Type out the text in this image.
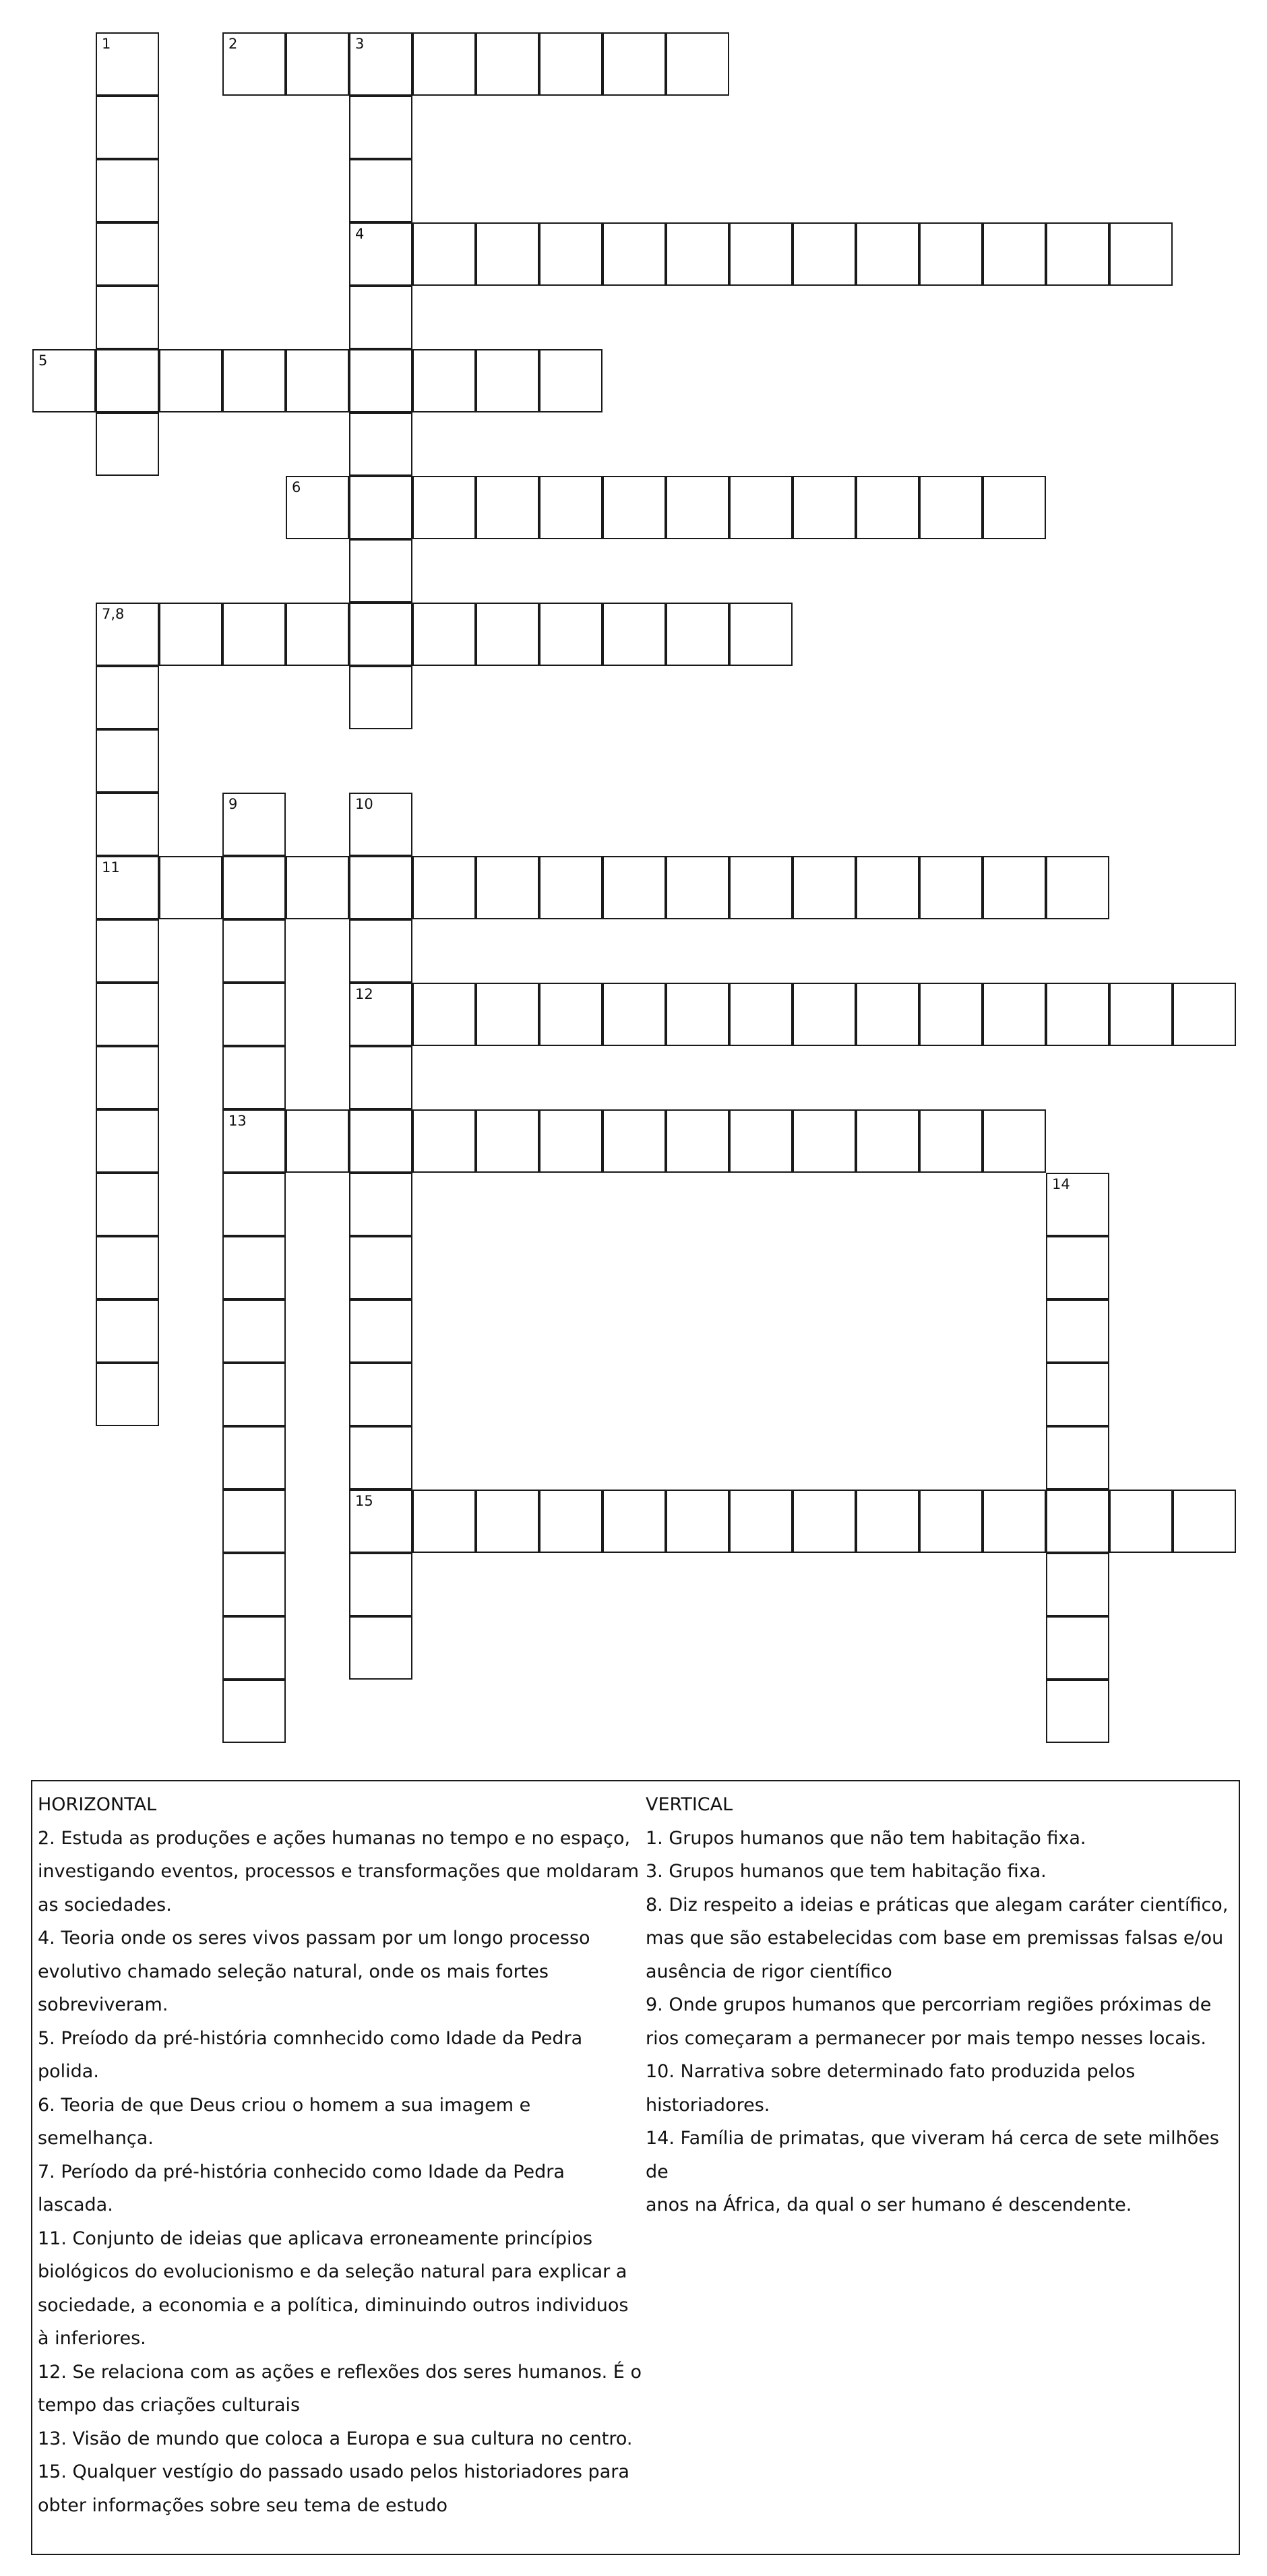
1	2	3
4
5
6
7,8
11
9
13
10
12
15
14

HORIZONTAL

2. Estuda as produções e ações humanas no tempo e no espaço,

investigando eventos, processos e transformações que moldaram

as sociedades.

4. Teoria onde os seres vivos passam por um longo processo

evolutivo chamado seleção natural, onde os mais fortes

sobreviveram.

5. Preíodo da pré-história comnhecido como Idade da Pedra

polida.

6. Teoria de que Deus criou o homem a sua imagem e

semelhança.

7. Período da pré-história conhecido como Idade da Pedra

lascada.

11. Conjunto de ideias que aplicava erroneamente princípios

biológicos do evolucionismo e da seleção natural para explicar a

sociedade, a economia e a política, diminuindo outros individuos

à inferiores.

12. Se relaciona com as ações e reflexões dos seres humanos. É o

tempo das criações culturais

13. Visão de mundo que coloca a Europa e sua cultura no centro.

15. Qualquer vestígio do passado usado pelos historiadores para

obter informações sobre seu tema de estudo

VERTICAL

1. Grupos humanos que não tem habitação fixa.

3. Grupos humanos que tem habitação fixa.

8. Diz respeito a ideias e práticas que alegam caráter científico,

mas que são estabelecidas com base em premissas falsas e/ou

ausência de rigor científico

9. Onde grupos humanos que percorriam regiões próximas de

rios começaram a permanecer por mais tempo nesses locais.

10. Narrativa sobre determinado fato produzida pelos

historiadores.

14. Família de primatas, que viveram há cerca de sete milhões de

anos na África, da qual o ser humano é descendente.
